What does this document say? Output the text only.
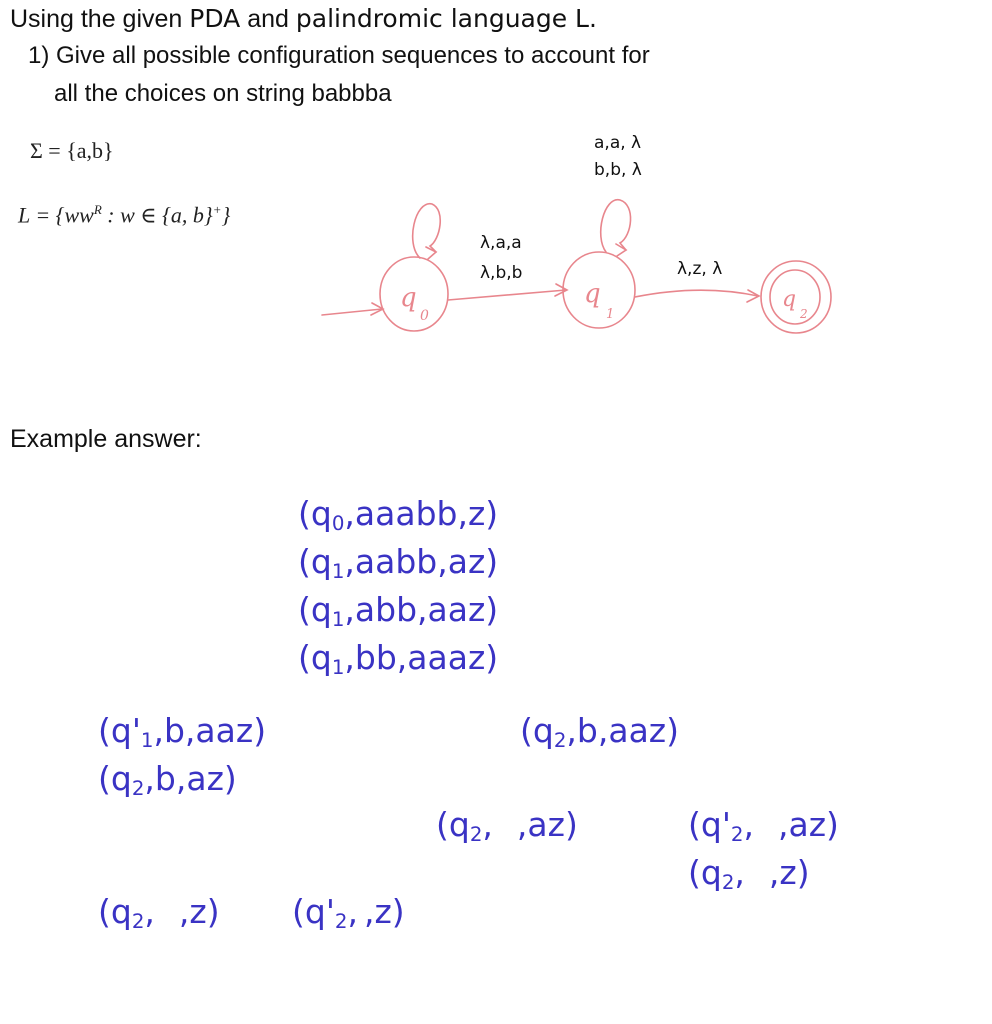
Using the given PDA and palindromic language L.
1) Give all possible configuration sequences to account for
all the choices on string babbba
Σ = {a,b}
$L = \{ww^R$ : w ∈ {a, b}+}
q
0
q
1
q
2
a,a, λ
b,b, λ
λ,a,a
λ,b,b	λ,z, λ
Example answer:
$(q_0,aaabb,z)$
$(q_1,aabb,az)$
$(q_1,abb,aaz)$
$(q_1,bb,aaaz)$
$(q'_1,b,aaz)$
$(q_2,b,az)$
$(q_2,b,aaz)$
($q_2$, ,az)	($q'_2$, ,az)
($q_2$, ,z)
($q_2$, ,z) ($q'_2$, ,z)
